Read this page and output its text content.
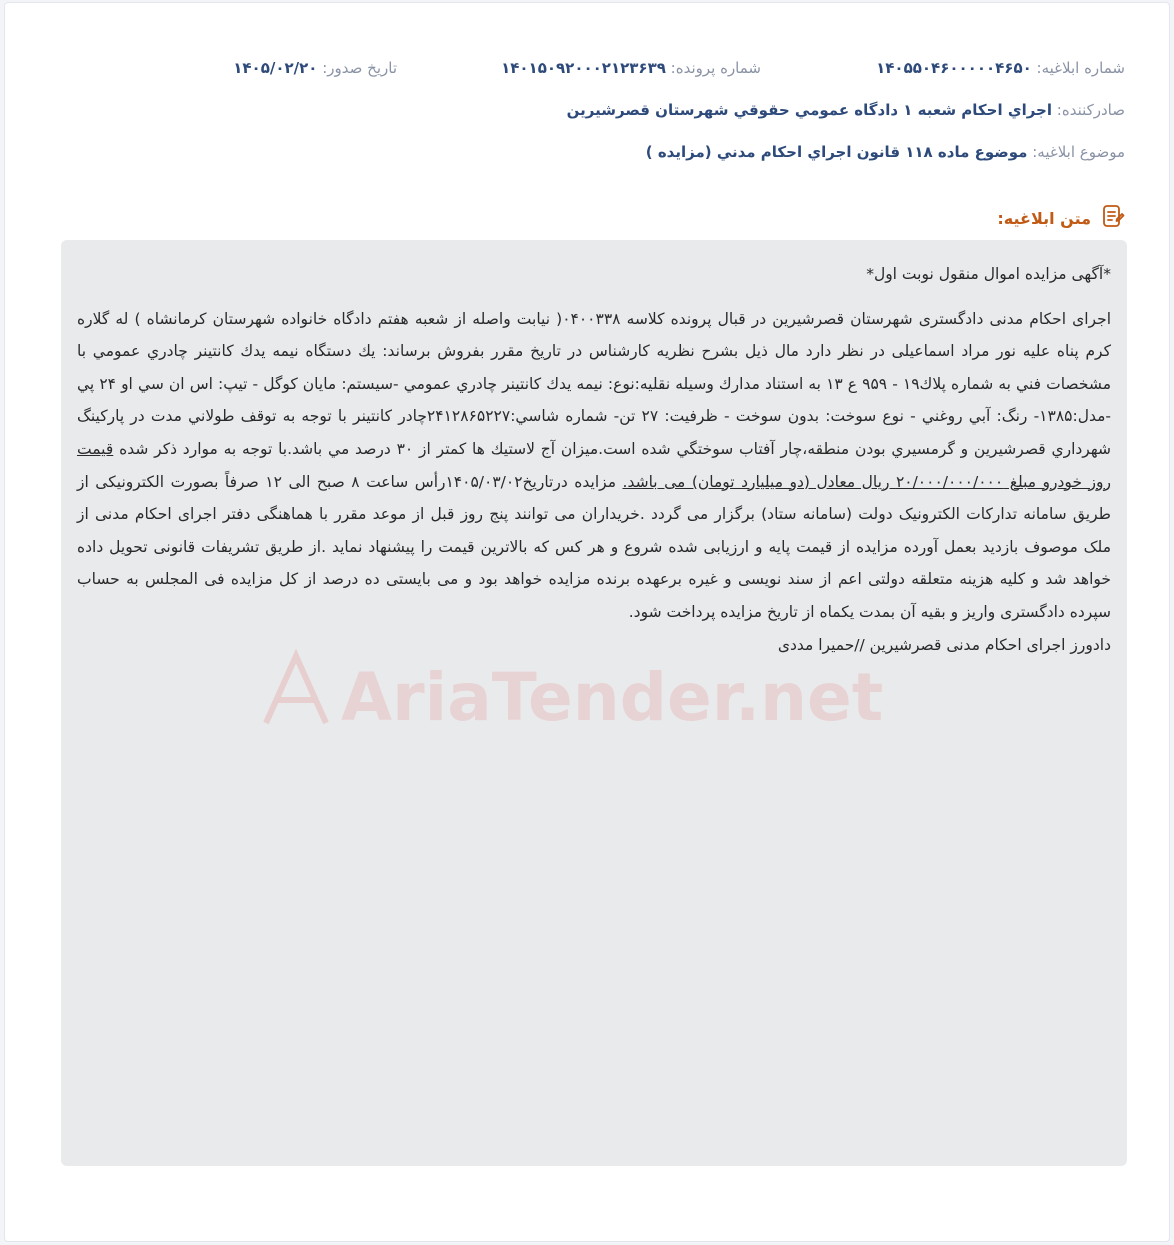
شماره ابلاغیه: ۱۴۰۵۵۰۴۶۰۰۰۰۰۴۶۵۰
شماره پرونده: ۱۴۰۱۵۰۹۲۰۰۰۲۱۲۳۶۳۹
تاریخ صدور: ۱۴۰۵/۰۲/۲۰
صادرکننده: اجراي احكام شعبه ۱ دادگاه عمومي حقوقي شهرستان قصرشيرين
موضوع ابلاغیه: موضوع ماده ۱۱۸ قانون اجراي احكام مدني (مزايده )
متن ابلاغیه:
AriaTender.net

*آگهی مزایده اموال منقول نوبت اول*

اجرای احکام مدنی دادگستری شهرستان قصرشیرین در قبال پرونده کلاسه ۰۴۰۰۳۳۸( نیابت واصله از شعبه هفتم دادگاه خانواده شهرستان کرمانشاه ) له گلاره کرم پناه علیه نور مراد اسماعیلی در نظر دارد مال ذیل بشرح نظریه کارشناس در تاریخ مقرر بفروش برساند: يك دستگاه نيمه يدك كانتينر چادري عمومي با مشخصات فني به شماره پلاك۱۹ - ۹۵۹ ع ۱۳ به استناد مدارك وسيله نقليه:نوع: نيمه يدك كانتينر چادري عمومي -سيستم: مايان كوگل - تيپ: اس ان سي او ۲۴ پي -مدل:۱۳۸۵- رنگ: آبي روغني - نوع سوخت: بدون سوخت - ظرفيت: ۲۷ تن- شماره شاسي:۲۴۱۲۸۶۵۲۲۷چادر كانتينر با توجه به توقف طولاني مدت در پاركينگ شهرداري قصرشيرين و گرمسيري بودن منطقه،چار آفتاب سوختگي شده است.ميزان آج لاستيك ها كمتر از ۳۰ درصد مي باشد.با توجه به موارد ذكر شده قیمت روز خودرو مبلغ ۲۰/۰۰۰/۰۰۰/۰۰۰ ریال معادل (دو میلیارد تومان) می باشد. مزايده درتاريخ۱۴۰۵/۰۳/۰۲رأس ساعت ۸ صبح الی ۱۲ صرفاً بصورت الکترونیکی از طریق سامانه تدارکات الکترونیک دولت (سامانه ستاد) برگزار می گردد .خریداران می توانند پنج روز قبل از موعد مقرر با هماهنگی دفتر اجرای احکام مدنی از ملک موصوف بازدید بعمل آورده مزایده از قیمت پایه و ارزیابی شده شروع و هر کس که بالاترین قیمت را پیشنهاد نماید .از طریق تشریفات قانونی تحویل داده خواهد شد و کلیه هزینه متعلقه دولتی اعم از سند نویسی و غیره برعهده برنده مزایده خواهد بود و می بایستی ده درصد از کل مزایده فی المجلس به حساب سپرده دادگستری واریز و بقیه آن بمدت یکماه از تاریخ مزایده پرداخت شود.

دادورز اجرای احکام مدنی قصرشیرین //حمیرا مددی
